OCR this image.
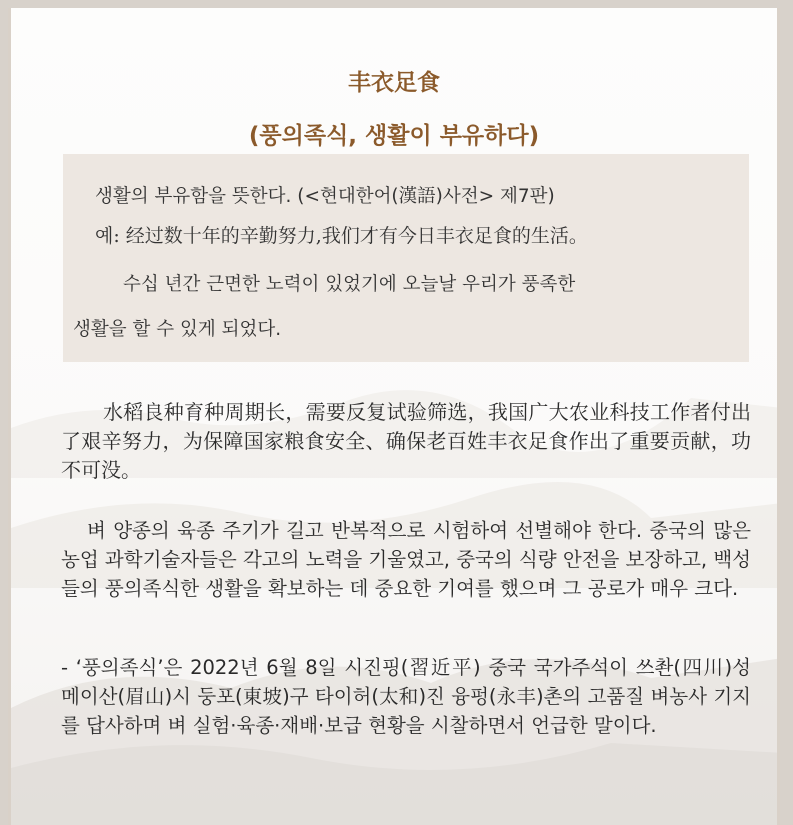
丰衣足食
(풍의족식, 생활이 부유하다)
생활의 부유함을 뜻한다. (<현대한어(漢語)사전> 제7판)
예: 经过数十年的辛勤努力,我们才有今日丰衣足食的生活。
수십 년간 근면한 노력이 있었기에 오늘날 우리가 풍족한
생활을 할 수 있게 되었다.
水稻良种育种周期长，需要反复试验筛选，我国广大农业科技工作者付出了艰辛努力，为保障国家粮食安全、确保老百姓丰衣足食作出了重要贡献，功不可没。
벼 양종의 육종 주기가 길고 반복적으로 시험하여 선별해야 한다. 중국의 많은 농업 과학기술자들은 각고의 노력을 기울였고, 중국의 식량 안전을 보장하고, 백성들의 풍의족식한 생활을 확보하는 데 중요한 기여를 했으며 그 공로가 매우 크다.
- ‘풍의족식’은 2022년 6월 8일 시진핑(習近平) 중국 국가주석이 쓰촨(四川)성 메이산(眉山)시 둥포(東坡)구 타이허(太和)진 융펑(永丰)촌의 고품질 벼농사 기지를 답사하며 벼 실험·육종·재배·보급 현황을 시찰하면서 언급한 말이다.
